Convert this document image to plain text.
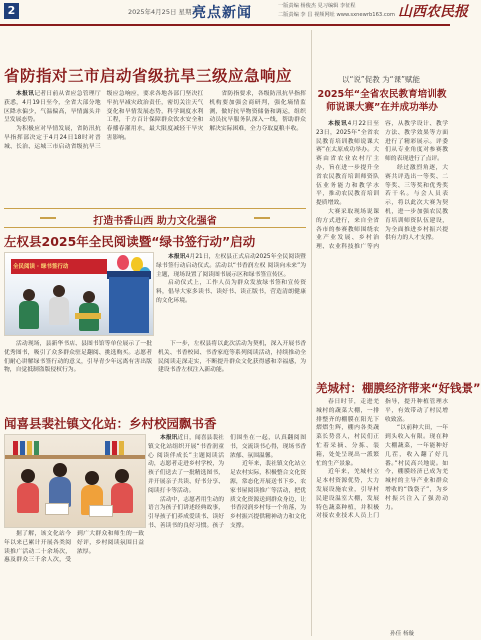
2	2025年4月25日 星期五
亮点新闻	一版责编 杨俊杰 見习编辑 李征程
二版责编 李 昌 视频网址 www.sxnewrb163.com 山西农民报
省防指对三市启动省级抗旱三级应急响应

本报讯记者日前从省应急管理厅获悉，4月19日至今，全省大部分地区降水偏少，气温偏高，旱情露头并呈发展态势。

为积极应对旱情发展，省防汛抗旱指挥部决定于4月24日18时对晋城、长治、运城三市启动省级抗旱三级应急响应，要求各地各部门坚决扛牢抗旱减灾政治责任，密切关注天气变化和旱情发展态势，科学调度水利工程，千方百计保障群众饮水安全和春播春灌用水，最大限度减轻干旱灾害影响。

省防指要求，各级防汛抗旱指挥机构要加强会商研判，强化墒情监测，做好抗旱物资储备和调运，组织动员抗旱服务队深入一线，帮助群众解决实际困难，全力夺取夏粮丰收。

打造书香山西 助力文化强省
左权县2025年全民阅读暨“绿书签行动”启动
全民阅读 · 绿书签行动

本报讯4月21日，左权县正式启动2025年全民阅读暨绿书签行动启动仪式。活动以“书香润左权 阅读向未来”为主题，现场设置了阅读图书展示区和绿书签宣传区。

启动仪式上，工作人员为群众发放绿书签和宣传资料，倡导大家多读书、读好书、读正版书，营造清朗健康的文化环境。

活动现场，县新华书店、县图书馆等单位展示了一批优秀图书，吸引了众多群众驻足翻阅、挑选购买。志愿者们耐心讲解绿书签行动的意义，引导青少年远离有害出版物，自觉抵制盗版侵权行为。

下一步，左权县将以此次活动为契机，深入开展书香机关、书香校园、书香家庭等系列阅读活动，持续推动全民阅读走深走实，不断提升群众文化获得感和幸福感，为建设书香左权注入新动能。

闻喜县裴社镇文化站：乡村校园飘书香

本报讯近日，闻喜县裴社镇文化站组织开展“书香润童心 阅读伴成长”主题阅读活动，志愿者走进乡村学校，为孩子们送去了一批精选图书，并开展亲子共读、好书分享、阅读打卡等活动。

活动中，志愿者用生动的语言为孩子们讲述经典故事，引导孩子们养成爱读书、读好书、善读书的良好习惯。孩子们围坐在一起，认真翻阅图书，交流读书心得，现场书香浓郁、氛围温馨。

近年来，裴社镇文化站立足农村实际，积极整合文化资源，常态化开展送书下乡、农家书屋阅读推广等活动，把优质文化资源送到群众身边，让书香浸润乡村每一个角落，为乡村振兴提供精神动力和文化支撑。

据了解，该文化站今年以来已累计开展各类阅读推广活动二十余场次，惠及群众三千余人次，受到广大群众和师生的一致好评，乡村阅读氛围日益浓厚。

以“说”促教 为“课”赋能
2025年“全省农民教育培训教师说课大赛”在并成功举办

本报讯4月22日至23日，2025年“全省农民教育培训教师说课大赛”在太原成功举办。大赛由省农业农村厅主办，旨在进一步提升全省农民教育培训师资队伍业务能力和教学水平，推动农民教育培训提质增效。

大赛采取现场说课的方式进行，来自全省各市的参赛教师围绕农业产业发展、乡村治理、农业科技推广等内容，从教学设计、教学方法、教学效果等方面进行了精彩展示。评委们从专业角度对参赛教师的表现进行了点评。

经过激烈角逐，大赛共评选出一等奖、二等奖、三等奖和优秀奖若干名。与会人员表示，将以此次大赛为契机，进一步加强农民教育培训师资队伍建设，为全面推进乡村振兴提供有力的人才支撑。

羌城村：棚膜经济带来“好钱景”

春日时节，走进羌城村的蔬菜大棚，一排排整齐的棚膜在阳光下熠熠生辉，棚内各类蔬菜长势喜人，村民们正忙着采摘、分拣、装箱，处处呈现出一派繁忙的生产景象。

近年来，羌城村立足本村资源优势，大力发展设施农业，引导村民建设温室大棚，发展特色蔬菜种植，并积极对接农业技术人员上门指导，提升种植管理水平，有效带动了村民增收致富。

“以前种大田，一年到头收入有限。现在种大棚蔬菜，一年能种好几茬，收入翻了好几番。”村民高兴地说。如今，棚膜经济已成为羌城村的主导产业和群众增收的“钱袋子”，为乡村振兴注入了强劲动力。

孙佳 杨璇
